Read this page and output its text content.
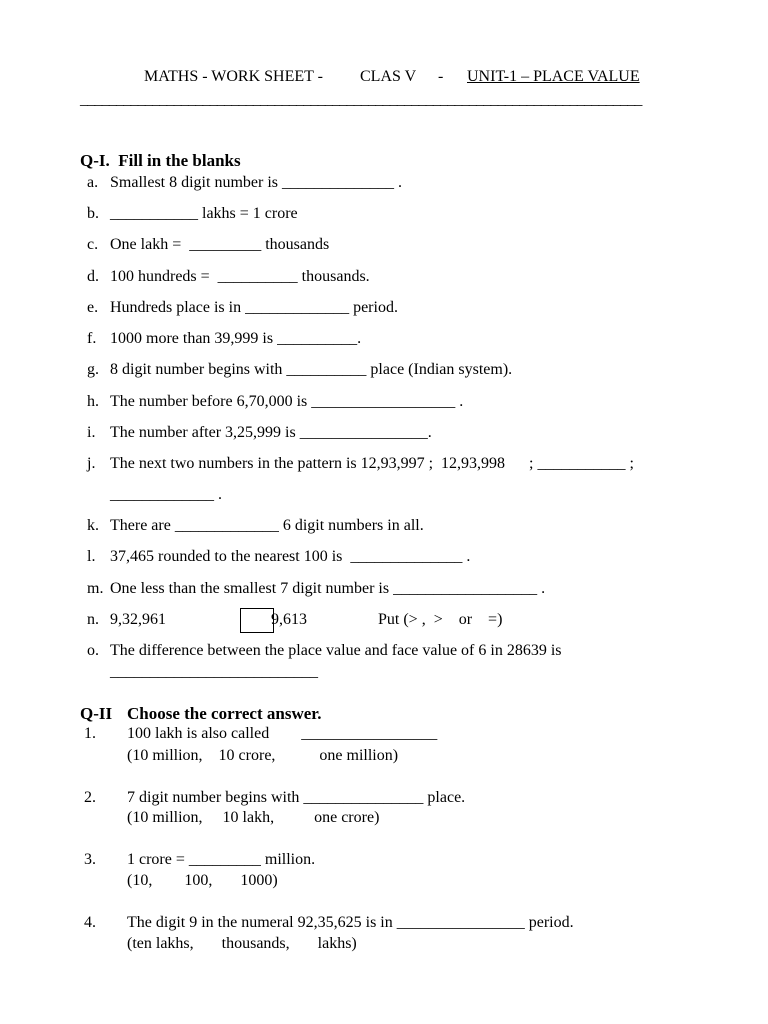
MATHS - WORK SHEET - CLAS V - UNIT-1 – PLACE VALUE
______________________________________________________________________________
Q-I.  Fill in the blanks
a. Smallest 8 digit number is ______________ .
b. ___________ lakhs = 1 crore
c. One lakh =  _________ thousands
d. 100 hundreds =  __________ thousands.
e. Hundreds place is in _____________ period.
f. 1000 more than 39,999 is __________.
g. 8 digit number begins with __________ place (Indian system).
h. The number before 6,70,000 is __________________ .
i. The number after 3,25,999 is ________________.
j. The next two numbers in the pattern is 12,93,997 ;  12,93,998      ; ___________ ;
_____________ .
k. There are _____________ 6 digit numbers in all.
l. 37,465 rounded to the nearest 100 is  ______________ .
m. One less than the smallest 7 digit number is __________________ .
n. 9,32,961	9,613	Put (> ,  >    or    =)
o. The difference between the place value and face value of 6 in 28639 is
__________________________
Q-II Choose the correct answer.
1. 100 lakh is also called        _________________
(10 million,    10 crore,           one million)
2. 7 digit number begins with _______________ place.
(10 million,     10 lakh,          one crore)
3. 1 crore = _________ million.
(10,        100,       1000)
4. The digit 9 in the numeral 92,35,625 is in ________________ period.
(ten lakhs,       thousands,       lakhs)
